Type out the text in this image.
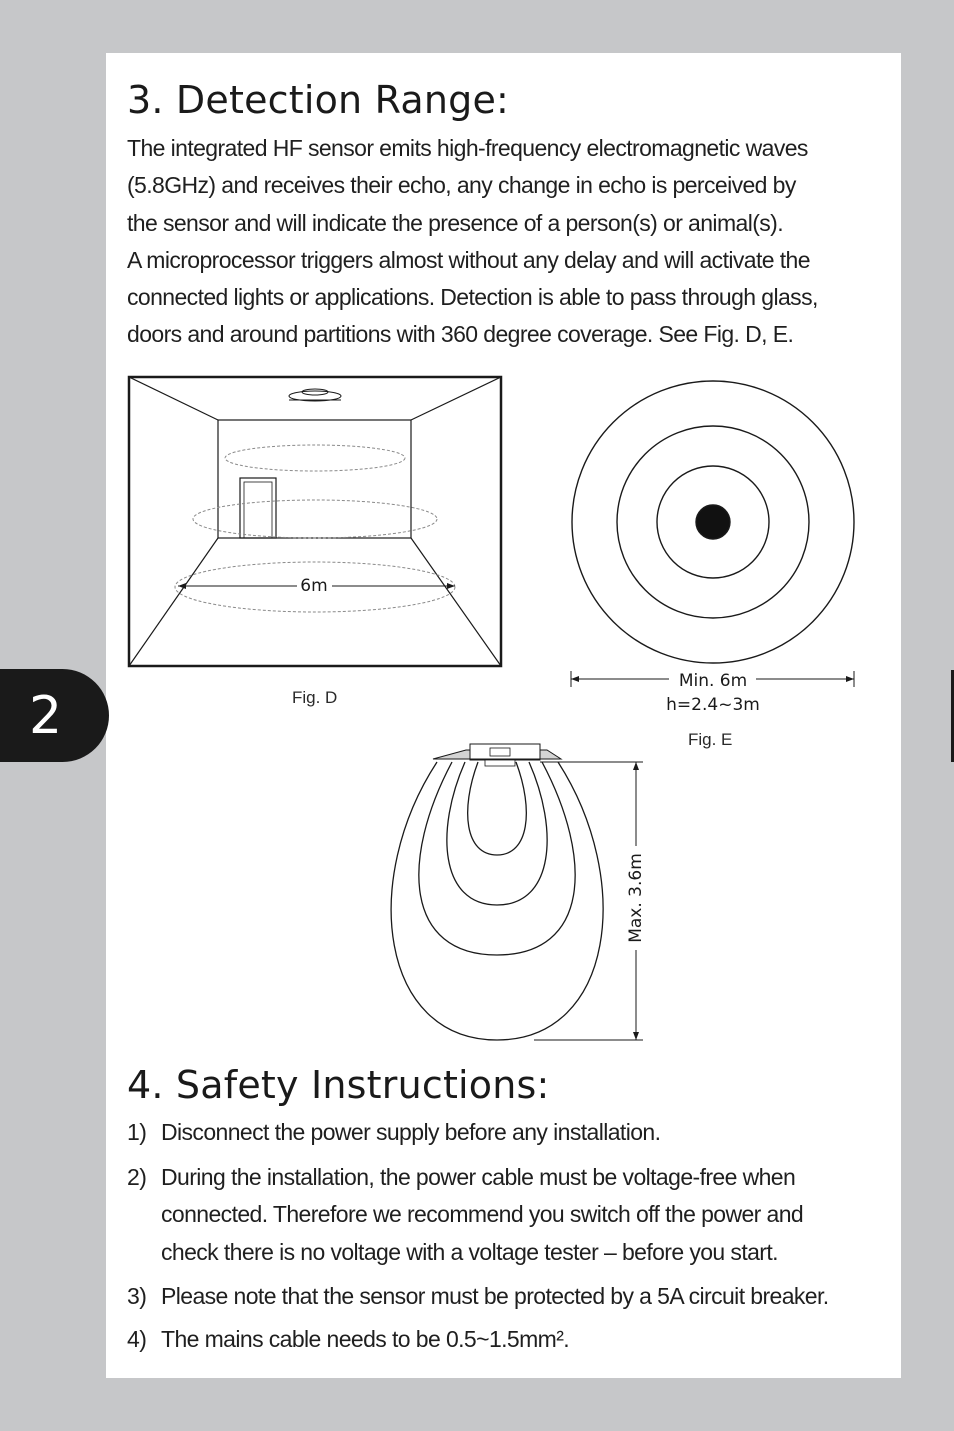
2
3. Detection Range:
The integrated HF sensor emits high-frequency electromagnetic waves
(5.8GHz) and receives their echo, any change in echo is perceived by
the sensor and will indicate the presence of a person(s) or animal(s).
A microprocessor triggers almost without any delay and will activate the
connected lights or applications. Detection is able to pass through glass,
doors and around partitions with 360 degree coverage. See Fig. D, E.
6m
Min. 6m
h=2.4~3m
Max. 3.6m
Fig. D
Fig. E
4. Safety Instructions:
1) Disconnect the power supply before any installation.
2) During the installation, the power cable must be voltage-free when
connected. Therefore we recommend you switch off the power and
check there is no voltage with a voltage tester – before you start.
3) Please note that the sensor must be protected by a 5A circuit breaker.
4) The mains cable needs to be 0.5~1.5mm².
